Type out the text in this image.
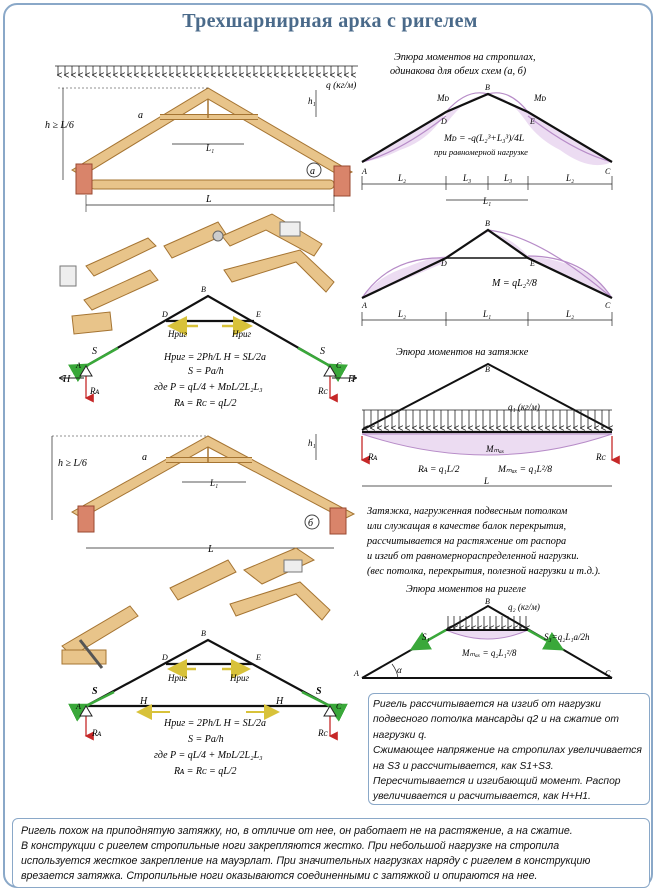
Трехшарнирная арка с ригелем
q (кг/м)
а
h ≥ L/6
h₁
a
L₁
L
B
D	E
A	C
Hриг	Hриг
S	S
H	H
Rᴀ	Rᴄ
Hриг = 2Ph/L H = SL/2a
S = Pa/h
где P = qL/4 + MᴅL/2L₂L₃
Rᴀ = Rᴄ = qL/2
Эпюра моментов на стропилах,
одинакова для обеих схем (а, б)
Mᴅ	Mᴅ
B
D	E
A	C
Mᴅ = -q(L₂³+L₃³)/4L
при равномерной нагрузке
L₂	L₃	L₃	L₂
L₁
B
D	E
A	C
M = qL₂²/8
L₂	L₁	L₂
Эпюра моментов на затяжке
B
q₁ (кг/м)
Mₘₐₓ
Rᴀ	Rᴄ
Rᴀ = q₁L/2	Mₘₐₓ = q₁L²/8
L
Затяжка, нагруженная подвесным потолком
или служащая в качестве балок перекрытия,
рассчитывается на растяжение от распора
и изгиб от равномернораспределенной нагрузки.
(вес потолка, перекрытия, полезной нагрузки и т.д.).
Эпюра моментов на ригеле
B
q₂ (кг/м)
S₁	S₃=q₂L₁a/2h
Mₘₐₓ = q₂L₁²/8
α
A	C
б
h ≥ L/6
h₁
a
L₁
L
B
D	E
A	C
Hриг	Hриг
S	S
H	H
Rᴀ	Rᴄ
Hриг = 2Ph/L H = SL/2a
S = Pa/h
где P = qL/4 + MᴅL/2L₂L₃
Rᴀ = Rᴄ = qL/2
Ригель рассчитывается на изгиб от нагрузки
подвесного потолка мансарды q2 и на сжатие от
нагрузки q.
Сжимающее напряжение на стропилах увеличивается
на S3 и рассчитывается, как S1+S3.
Пересчитывается и изгибающий момент. Распор
увеличивается и расчитывается, как H+H1.
Ригель похож на приподнятую затяжку, но, в отличие от нее, он работает не на растяжение, а на сжатие.
В конструкции с ригелем стропильные ноги закрепляются жестко. При небольшой нагрузке на стропила
используется жесткое закрепление на мауэрлат. При значительных нагрузках наряду с ригелем в конструкцию
врезается затяжка. Стропильные ноги оказываются соединенными с затяжкой и опираются на нее.
